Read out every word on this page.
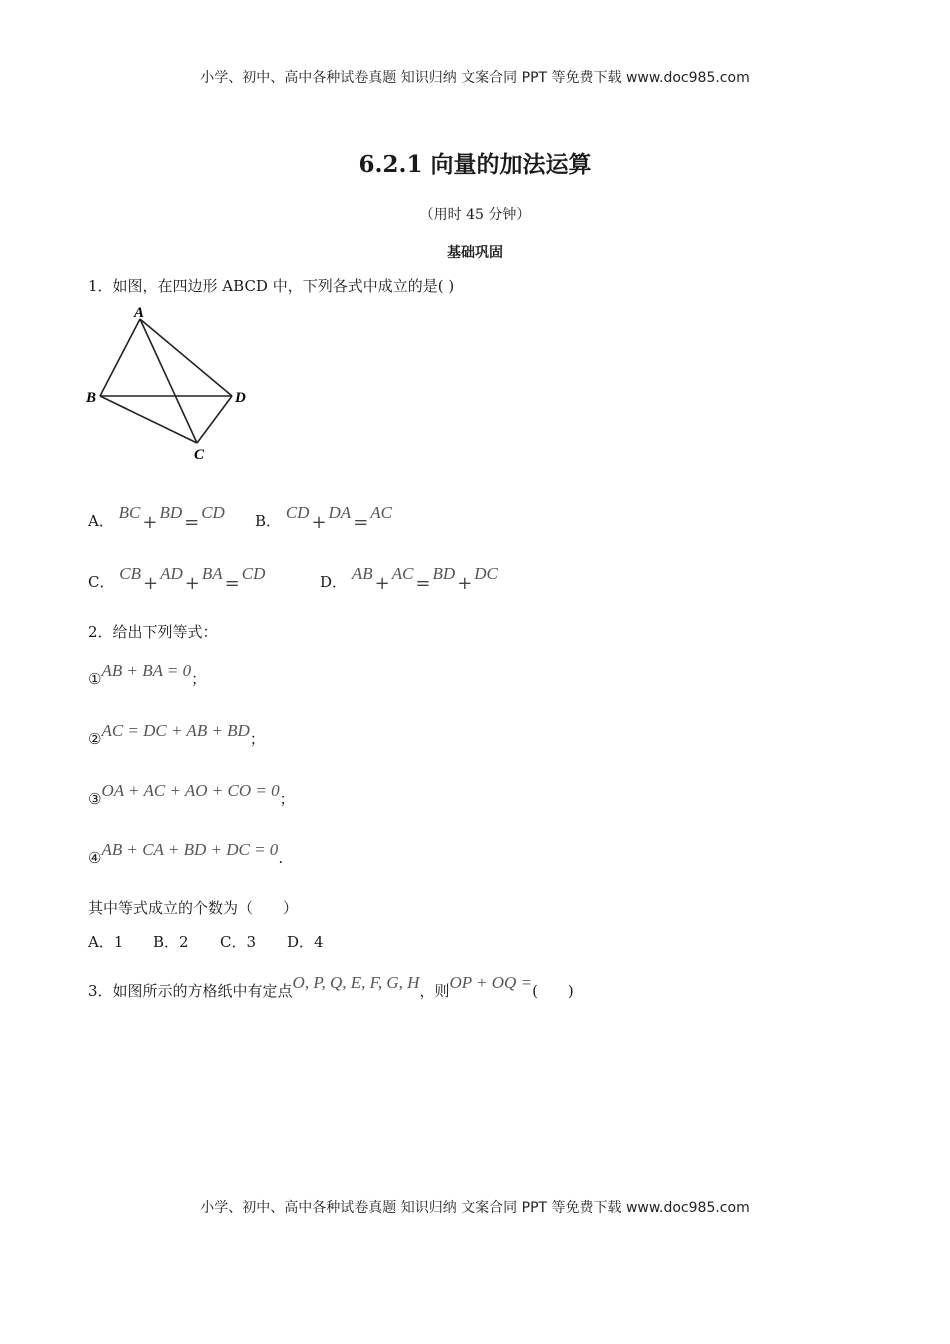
小学、初中、高中各种试卷真题 知识归纳 文案合同 PPT 等免费下载 www.doc985.com
6.2.1 向量的加法运算
（用时 45 分钟）
基础巩固
1．如图，在四边形 ABCD 中，下列各式中成立的是( )
A
B	D
C
A． BC + BD = CD B． CD + DA = AC
C． CB + AD + BA = CD	D． AB + AC = BD + DC
2．给出下列等式：
①AB + BA = 0；
②AC = DC + AB + BD；
③OA + AC + AO + CO = 0；
④AB + CA + BD + DC = 0.
其中等式成立的个数为（　　）
A．1 B．2 C．3 D．4
3．如图所示的方格纸中有定点O, P, Q, E, F, G, H，则OP + OQ =(　　)
小学、初中、高中各种试卷真题 知识归纳 文案合同 PPT 等免费下载 www.doc985.com
